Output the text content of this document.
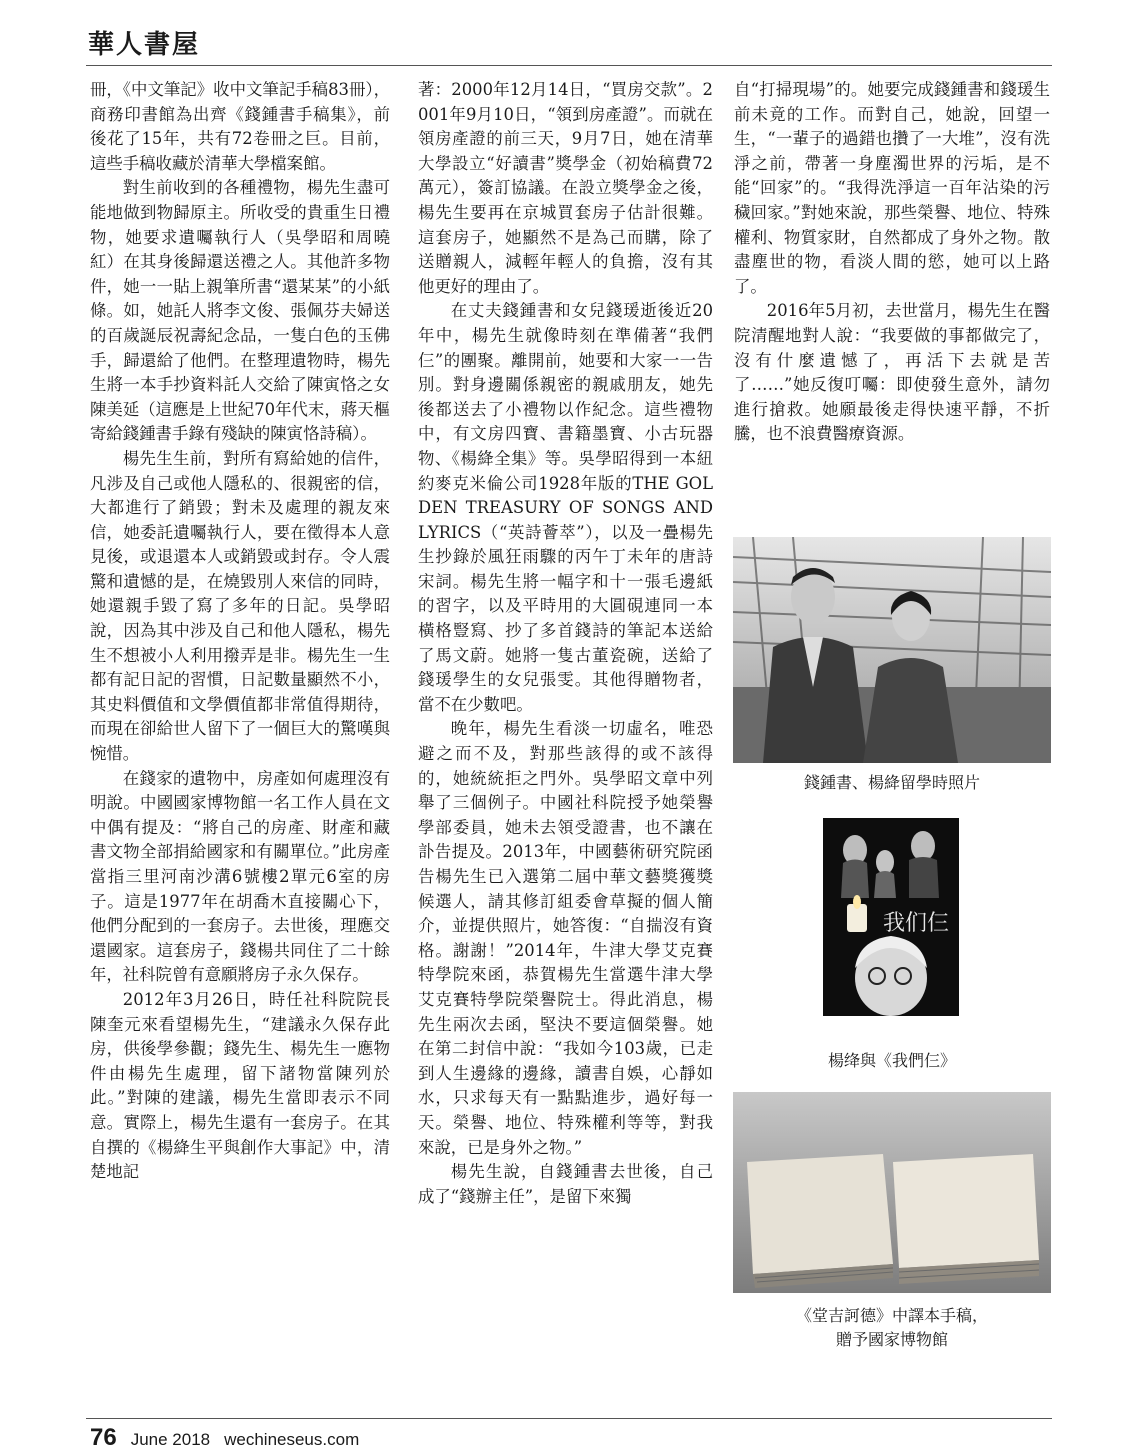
華人書屋

冊，《中文筆記》收中文筆記手稿83冊），商務印書館為出齊《錢鍾書手稿集》，前後花了15年，共有72卷冊之巨。目前，這些手稿收藏於清華大學檔案館。

對生前收到的各種禮物，楊先生盡可能地做到物歸原主。所收受的貴重生日禮物，她要求遺囑執行人（吳學昭和周曉紅）在其身後歸還送禮之人。其他許多物件，她一一貼上親筆所書“還某某”的小紙條。如，她託人將李文俊、張佩芬夫婦送的百歲誕辰祝壽紀念品，一隻白色的玉佛手，歸還給了他們。在整理遺物時，楊先生將一本手抄資料託人交給了陳寅恪之女陳美延（這應是上世紀70年代末，蔣天樞寄給錢鍾書手錄有殘缺的陳寅恪詩稿）。

楊先生生前，對所有寫給她的信件，凡涉及自己或他人隱私的、很親密的信，大都進行了銷毀；對未及處理的親友來信，她委託遺囑執行人，要在徵得本人意見後，或退還本人或銷毀或封存。令人震驚和遺憾的是，在燒毀別人來信的同時，她還親手毀了寫了多年的日記。吳學昭說，因為其中涉及自己和他人隱私，楊先生不想被小人利用撥弄是非。楊先生一生都有記日記的習慣，日記數量顯然不小，其史料價值和文學價值都非常值得期待，而現在卻給世人留下了一個巨大的驚嘆與惋惜。

在錢家的遺物中，房產如何處理沒有明說。中國國家博物館一名工作人員在文中偶有提及：“將自己的房產、財產和藏書文物全部捐給國家和有關單位。”此房產當指三里河南沙溝6號樓2單元6室的房子。這是1977年在胡喬木直接關心下，他們分配到的一套房子。去世後，理應交還國家。這套房子，錢楊共同住了二十餘年，社科院曾有意願將房子永久保存。

2012年3月26日，時任社科院院長陳奎元來看望楊先生，“建議永久保存此房，供後學參觀；錢先生、楊先生一應物件由楊先生處理，留下諸物當陳列於此。”對陳的建議，楊先生當即表示不同意。實際上，楊先生還有一套房子。在其自撰的《楊絳生平與創作大事記》中，清楚地記

著：2000年12月14日，“買房交款”。2001年9月10日，“領到房產證”。而就在領房產證的前三天，9月7日，她在清華大學設立“好讀書”獎學金（初始稿費72萬元），簽訂協議。在設立獎學金之後，楊先生要再在京城買套房子估計很難。這套房子，她顯然不是為己而購，除了送贈親人，減輕年輕人的負擔，沒有其他更好的理由了。

在丈夫錢鍾書和女兒錢瑗逝後近20年中，楊先生就像時刻在準備著“我們仨”的團聚。離開前，她要和大家一一告別。對身邊關係親密的親戚朋友，她先後都送去了小禮物以作紀念。這些禮物中，有文房四寶、書籍墨寶、小古玩器物、《楊絳全集》等。吳學昭得到一本紐約麥克米倫公司1928年版的THE GOLDEN TREASURY OF SONGS AND LYRICS（“英詩薈萃”），以及一疊楊先生抄錄於風狂雨驟的丙午丁未年的唐詩宋詞。楊先生將一幅字和十一張毛邊紙的習字，以及平時用的大圓硯連同一本橫格豎寫、抄了多首錢詩的筆記本送給了馬文蔚。她將一隻古董瓷碗，送給了錢瑗學生的女兒張雯。其他得贈物者，當不在少數吧。

晚年，楊先生看淡一切虛名，唯恐避之而不及，對那些該得的或不該得的，她統統拒之門外。吳學昭文章中列舉了三個例子。中國社科院授予她榮譽學部委員，她未去領受證書，也不讓在訃告提及。2013年，中國藝術研究院函告楊先生已入選第二屆中華文藝獎獲獎候選人，請其修訂組委會草擬的個人簡介，並提供照片，她答復：“自揣沒有資格。謝謝！”2014年，牛津大學艾克賽特學院來函，恭賀楊先生當選牛津大學艾克賽特學院榮譽院士。得此消息，楊先生兩次去函，堅決不要這個榮譽。她在第二封信中說：“我如今103歲，已走到人生邊緣的邊緣，讀書自娛，心靜如水，只求每天有一點點進步，過好每一天。榮譽、地位、特殊權利等等，對我來說，已是身外之物。”

楊先生說，自錢鍾書去世後，自己成了“錢辦主任”，是留下來獨

自“打掃現場”的。她要完成錢鍾書和錢瑗生前未竟的工作。而對自己，她說，回望一生，“一輩子的過錯也攢了一大堆”，沒有洗淨之前，帶著一身塵濁世界的污垢，是不能“回家”的。“我得洗淨這一百年沾染的污穢回家。”對她來說，那些榮譽、地位、特殊權利、物質家財，自然都成了身外之物。散盡塵世的物，看淡人間的慾，她可以上路了。

2016年5月初，去世當月，楊先生在醫院清醒地對人說：“我要做的事都做完了，沒有什麼遺憾了，再活下去就是苦了……”她反復叮囑：即使發生意外，請勿進行搶救。她願最後走得快速平靜，不折騰，也不浪費醫療資源。

錢鍾書、楊絳留學時照片
我们仨
楊绛與《我們仨》
《堂吉訶德》中譯本手稿，
贈予國家博物館
76 June 2018 wechineseus.com
